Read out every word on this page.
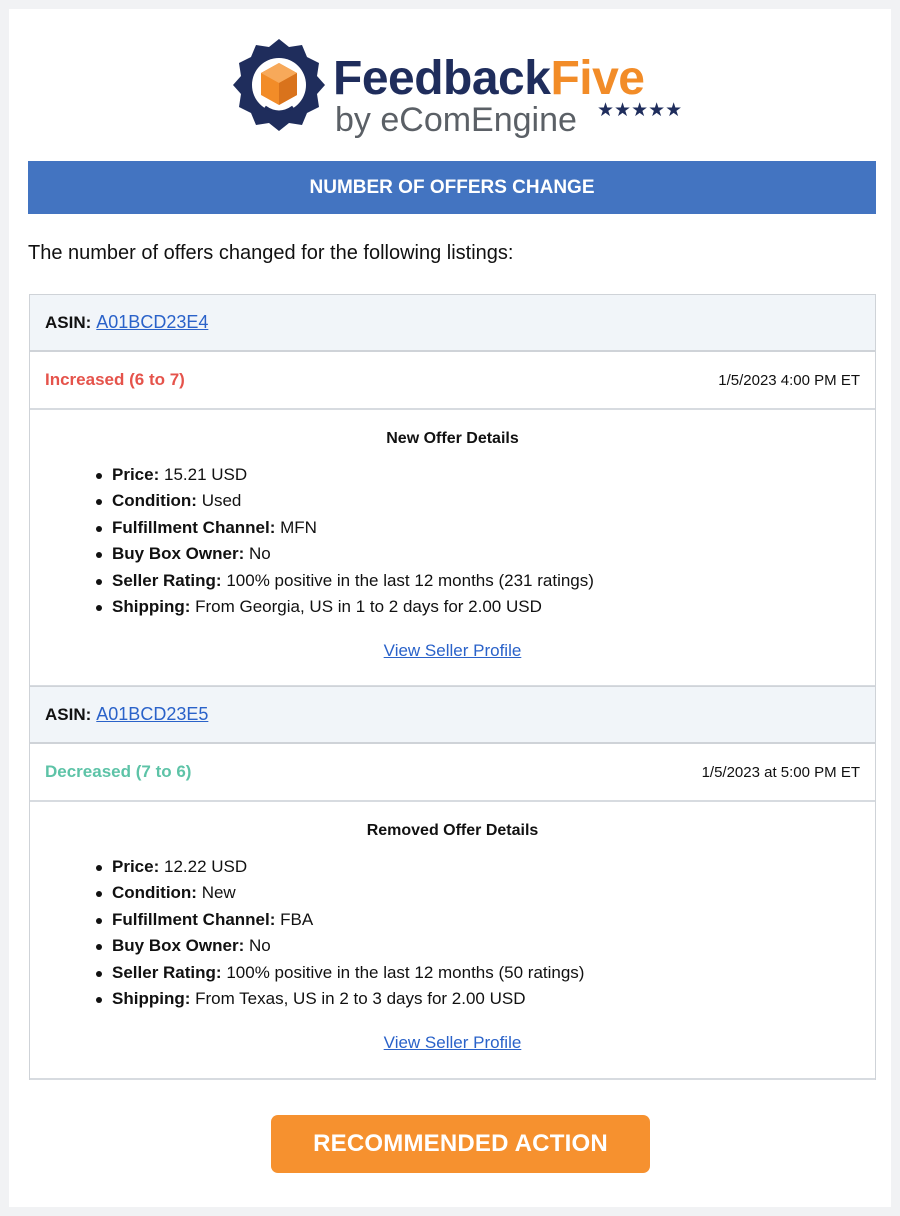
FeedbackFive
by eComEngine ★★★★★
NUMBER OF OFFERS CHANGE
The number of offers changed for the following listings:
ASIN: A01BCD23E4
Increased (6 to 7)	1/5/2023 4:00 PM ET
New Offer Details
Price: 15.21 USD
Condition: Used
Fulfillment Channel: MFN
Buy Box Owner: No
Seller Rating: 100% positive in the last 12 months (231 ratings)
Shipping: From Georgia, US in 1 to 2 days for 2.00 USD
View Seller Profile
ASIN: A01BCD23E5
Decreased (7 to 6)	1/5/2023 at 5:00 PM ET
Removed Offer Details
Price: 12.22 USD
Condition: New
Fulfillment Channel: FBA
Buy Box Owner: No
Seller Rating: 100% positive in the last 12 months (50 ratings)
Shipping: From Texas, US in 2 to 3 days for 2.00 USD
View Seller Profile
RECOMMENDED ACTION
